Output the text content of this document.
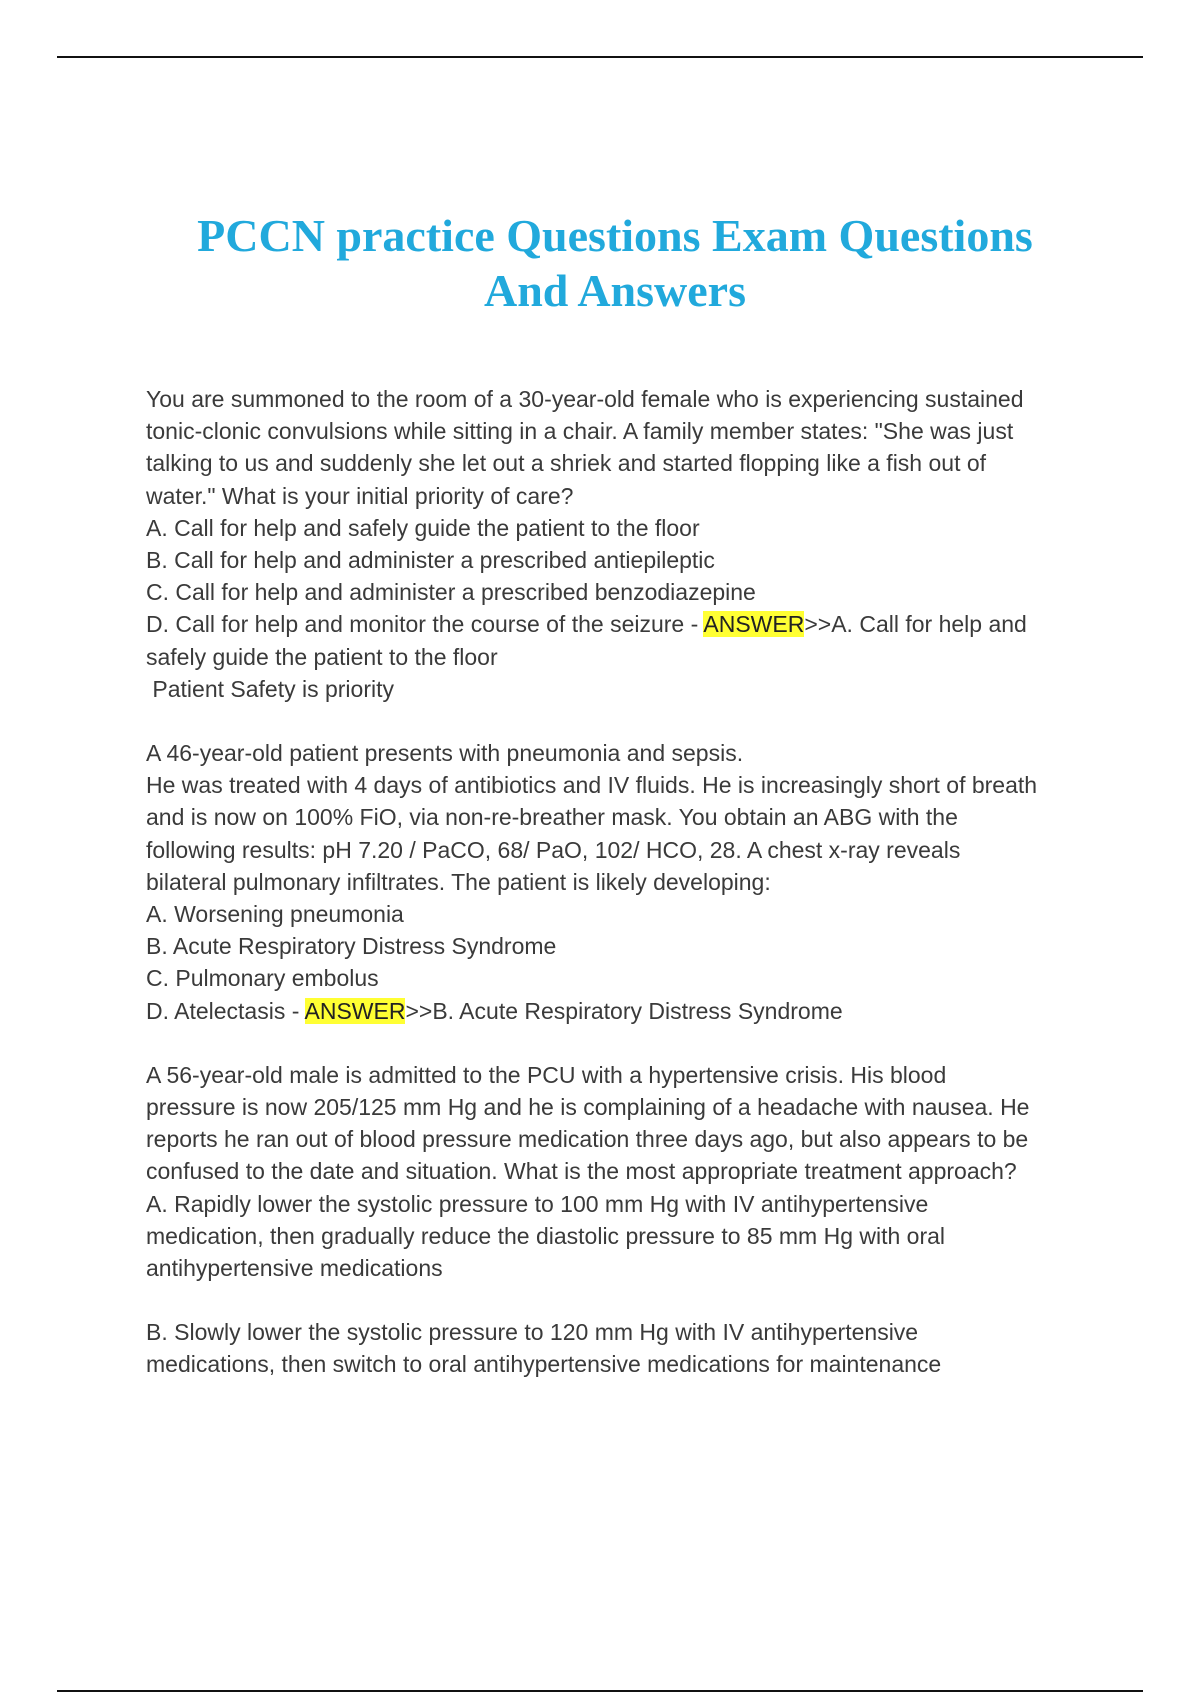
PCCN practice Questions Exam Questions
And Answers
You are summoned to the room of a 30-year-old female who is experiencing sustained
tonic-clonic convulsions while sitting in a chair. A family member states: "She was just
talking to us and suddenly she let out a shriek and started flopping like a fish out of
water." What is your initial priority of care?
A. Call for help and safely guide the patient to the floor
B. Call for help and administer a prescribed antiepileptic
C. Call for help and administer a prescribed benzodiazepine
D. Call for help and monitor the course of the seizure - ANSWER>>A. Call for help and
safely guide the patient to the floor
Patient Safety is priority
A 46-year-old patient presents with pneumonia and sepsis.
He was treated with 4 days of antibiotics and IV fluids. He is increasingly short of breath
and is now on 100% FiO, via non-re-breather mask. You obtain an ABG with the
following results: pH 7.20 / PaCO, 68/ PaO, 102/ HCO, 28. A chest x-ray reveals
bilateral pulmonary infiltrates. The patient is likely developing:
A. Worsening pneumonia
B. Acute Respiratory Distress Syndrome
C. Pulmonary embolus
D. Atelectasis - ANSWER>>B. Acute Respiratory Distress Syndrome
A 56-year-old male is admitted to the PCU with a hypertensive crisis. His blood
pressure is now 205/125 mm Hg and he is complaining of a headache with nausea. He
reports he ran out of blood pressure medication three days ago, but also appears to be
confused to the date and situation. What is the most appropriate treatment approach?
A. Rapidly lower the systolic pressure to 100 mm Hg with IV antihypertensive
medication, then gradually reduce the diastolic pressure to 85 mm Hg with oral
antihypertensive medications
B. Slowly lower the systolic pressure to 120 mm Hg with IV antihypertensive
medications, then switch to oral antihypertensive medications for maintenance
